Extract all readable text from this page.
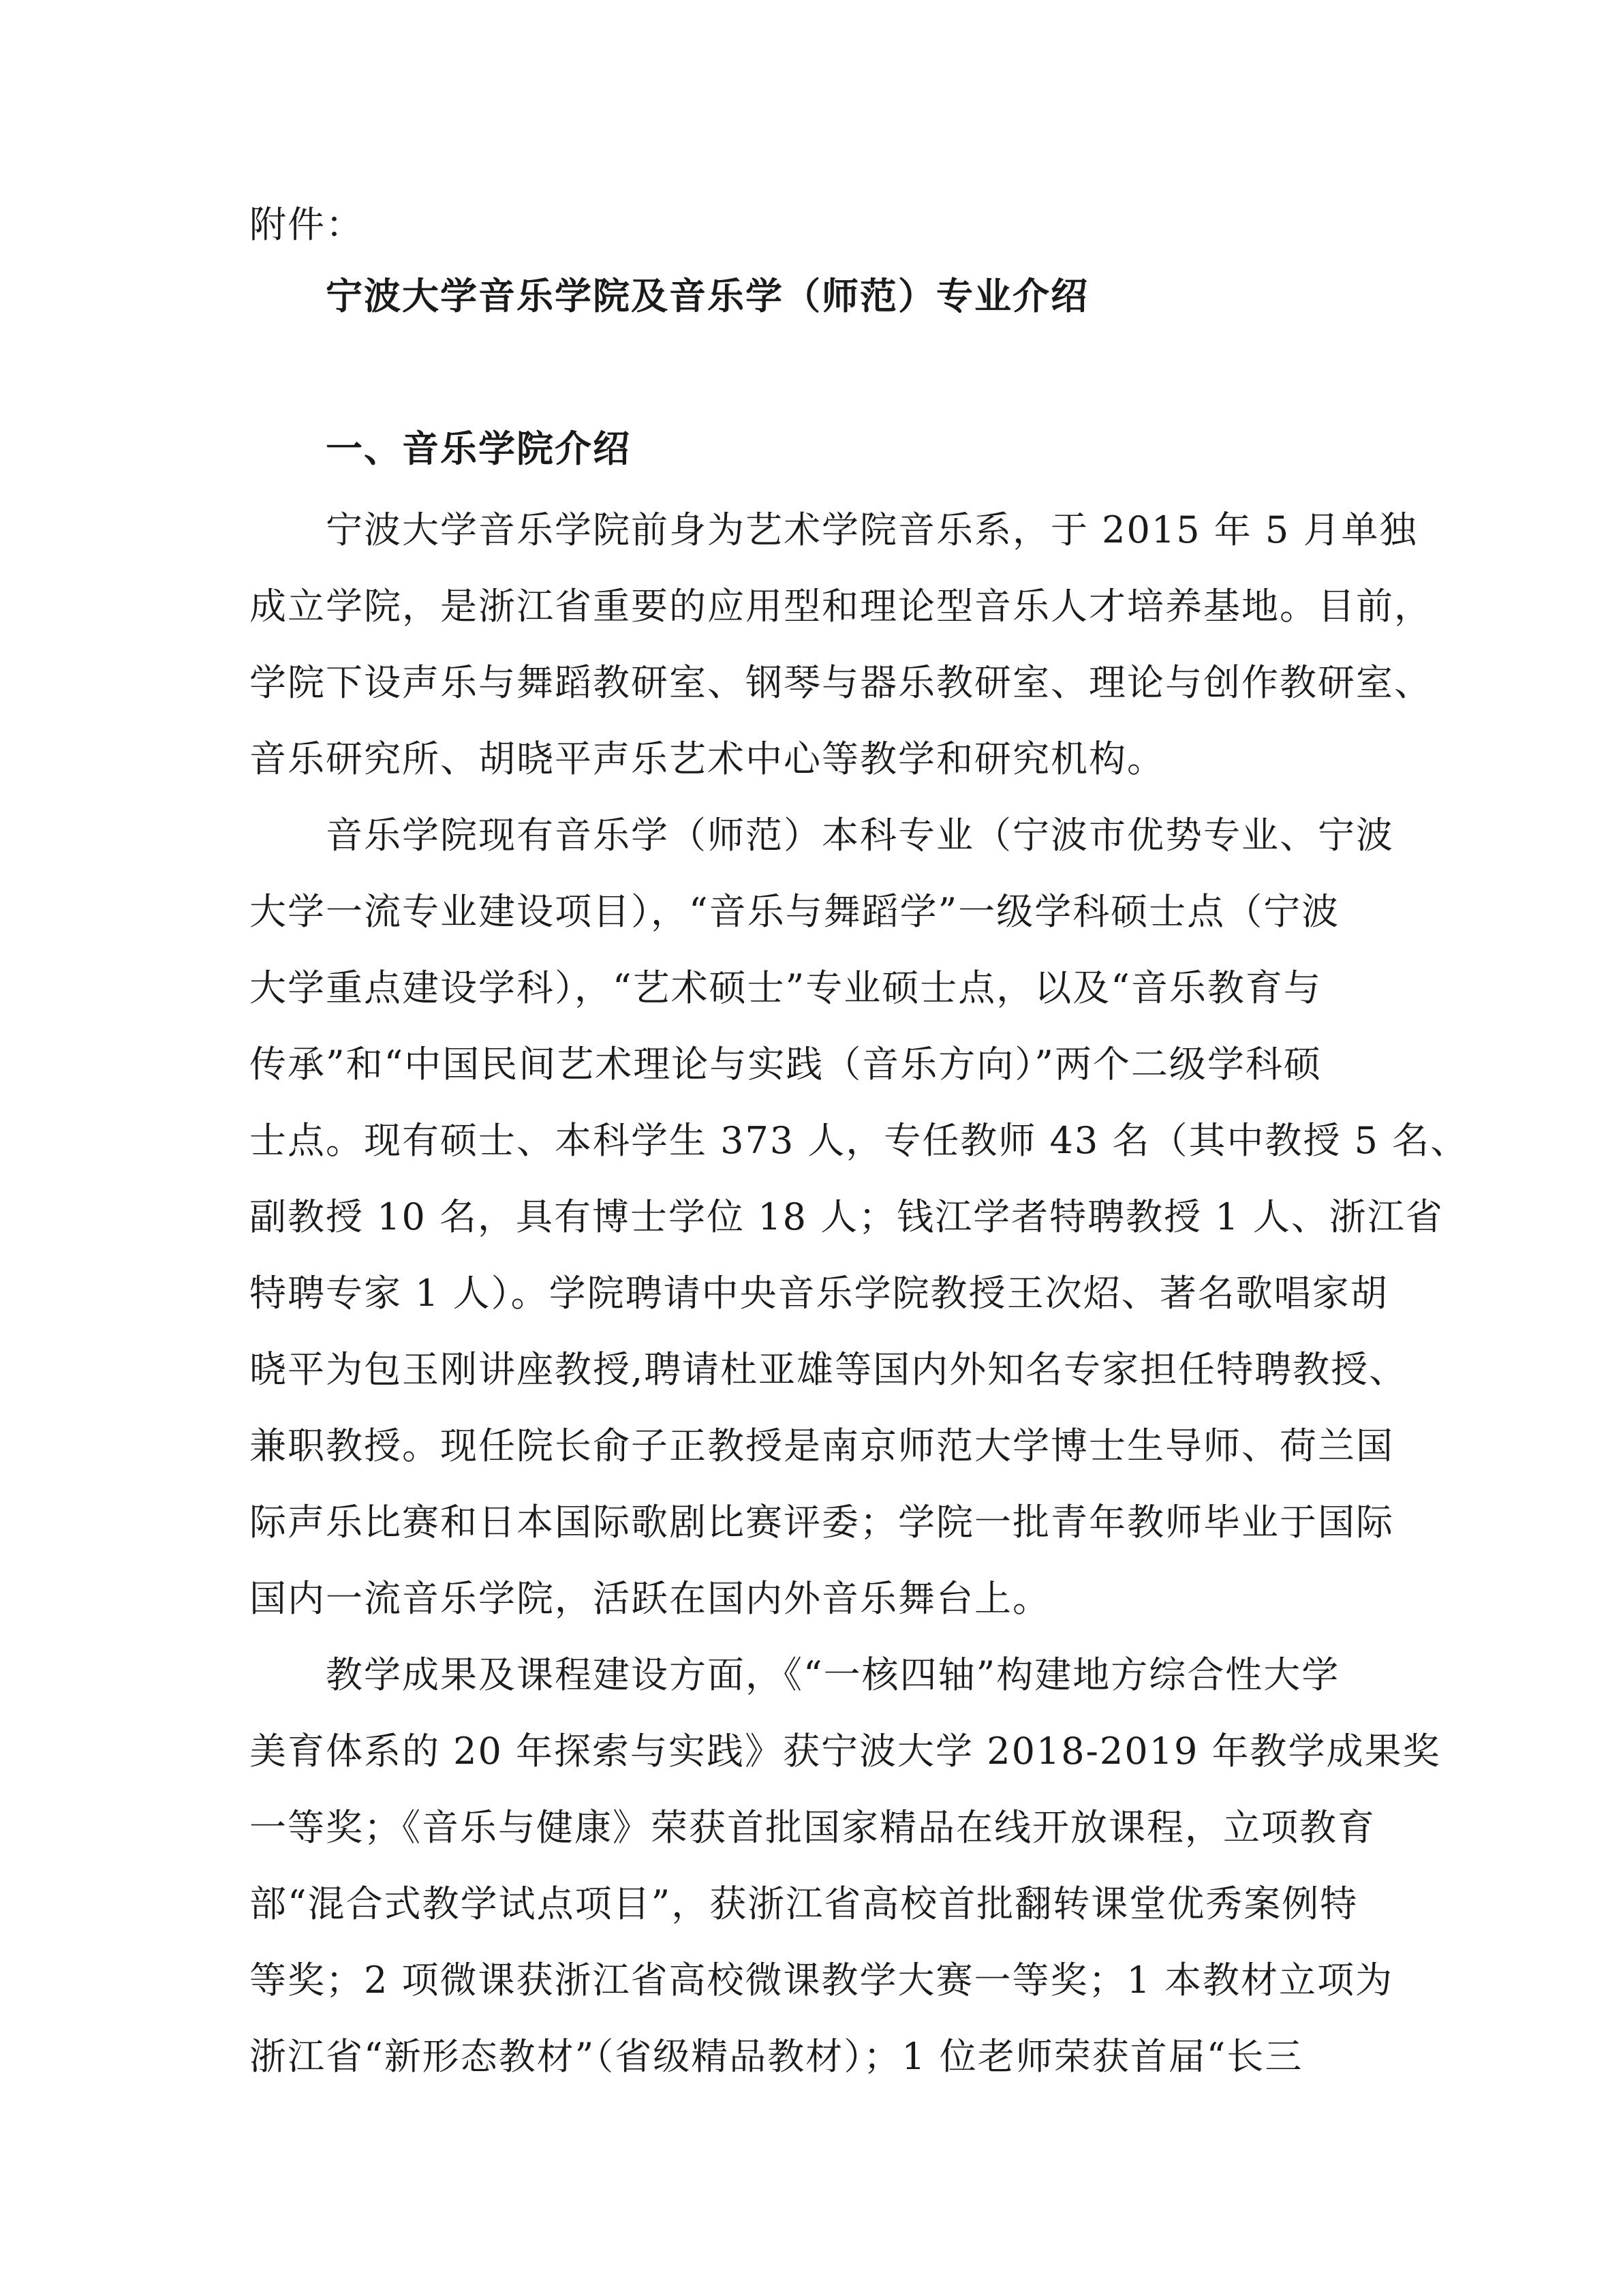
附件：
宁波大学音乐学院及音乐学（师范）专业介绍
一、音乐学院介绍
宁波大学音乐学院前身为艺术学院音乐系，于 2015 年 5 月单独
成立学院，是浙江省重要的应用型和理论型音乐人才培养基地。目前，
学院下设声乐与舞蹈教研室、钢琴与器乐教研室、理论与创作教研室、
音乐研究所、胡晓平声乐艺术中心等教学和研究机构。
音乐学院现有音乐学（师范）本科专业（宁波市优势专业、宁波
大学一流专业建设项目），“音乐与舞蹈学”一级学科硕士点（宁波
大学重点建设学科），“艺术硕士”专业硕士点，以及“音乐教育与
传承”和“中国民间艺术理论与实践（音乐方向）”两个二级学科硕
士点。现有硕士、本科学生 373 人，专任教师 43 名（其中教授 5 名、
副教授 10 名，具有博士学位 18 人；钱江学者特聘教授 1 人、浙江省
特聘专家 1 人）。学院聘请中央音乐学院教授王次炤、著名歌唱家胡
晓平为包玉刚讲座教授,聘请杜亚雄等国内外知名专家担任特聘教授、
兼职教授。现任院长俞子正教授是南京师范大学博士生导师、荷兰国
际声乐比赛和日本国际歌剧比赛评委；学院一批青年教师毕业于国际
国内一流音乐学院，活跃在国内外音乐舞台上。
教学成果及课程建设方面，《“一核四轴”构建地方综合性大学
美育体系的 20 年探索与实践》获宁波大学 2018-2019 年教学成果奖
一等奖；《音乐与健康》荣获首批国家精品在线开放课程，立项教育
部“混合式教学试点项目”，获浙江省高校首批翻转课堂优秀案例特
等奖；2 项微课获浙江省高校微课教学大赛一等奖；1 本教材立项为
浙江省“新形态教材”（省级精品教材）；1 位老师荣获首届“长三
